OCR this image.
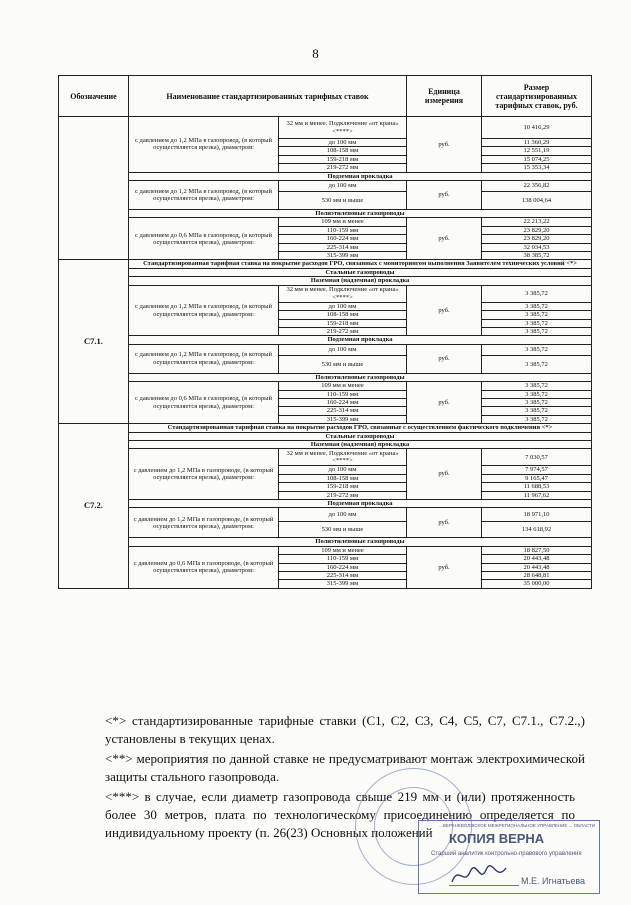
8
Обозначение	Наименование стандартизированных тарифных ставок		Единица измерения	Размер стандартизированных тарифных ставок, руб.
	с давлением до 1,2 МПа в газопровод, (в который осуществляется врезка), диаметром:	32 мм и менее. Подключение «от крана» <****>	руб.	10 416,29
		до 100 мм		11 360,29
		108-158 мм		12 551,19
		159-218 мм		15 074,25
		219-272 мм		15 353,34

	Подземная прокладка			
	с давлением до 1,2 МПа в газопровод, (в который осуществляется врезка), диаметром:	до 100 мм	руб.	22 356,82
		530 мм и выше		138 004,64
	Полиэтиленовые газопроводы			
	с давлением до 0,6 МПа в газопровод, (в который осуществляется врезка), диаметром:	109 мм и менее	руб.	22 213,22
		110-159 мм		23 829,20
		160-224 мм		23 829,20
		225-314 мм		32 034,53
		315-399 мм		38 385,72

С7.1.	Стандартизированная тарифная ставка на покрытие расходов ГРО, связанных с мониторингом выполнения Заявителем технических условий <*>			
	Стальные газопроводы			
	Наземная (надземная) прокладка			
	с давлением до 1,2 МПа в газопровод, (в который осуществляется врезка), диаметром:	32 мм и менее. Подключение «от крана» <****>	руб.	3 385,72
		до 100 мм		3 385,72
		108-158 мм		3 385,72
		159-218 мм		3 385,72
		219-272 мм		3 385,72
	Подземная прокладка			
	с давлением до 1,2 МПа в газопровод, (в который осуществляется врезка), диаметром:	до 100 мм	руб.	3 385,72
		530 мм и выше		3 385,72
	Полиэтиленовые газопроводы			
	с давлением до 0,6 МПа в газопровод, (в который осуществляется врезка), диаметром:	109 мм и менее	руб.	3 385,72
		110-159 мм		3 385,72
		160-224 мм		3 385,72
		225-314 мм		3 385,72
		315-399 мм		3 385,72

С7.2.	Стандартизированная тарифная ставка на покрытие расходов ГРО, связанные с осуществлением фактического подключения <*>			
	Стальные газопроводы			
	Наземная (надземная) прокладка			
	с давлением до 1,2 МПа в газопроводе, (в который осуществляется врезка), диаметром:	32 мм и менее. Подключение «от крана» <****>	руб.	7 030,57
		до 100 мм		7 974,57
		108-158 мм		9 165,47
		159-218 мм		11 688,53
		219-272 мм		11 967,62
	Подземная прокладка			
	с давлением до 1,2 МПа в газопроводе, (в который осуществляется врезка), диаметром:	до 100 мм	руб.	18 971,10
		530 мм и выше		134 618,92
	Полиэтиленовые газопроводы			
	с давлением до 0,6 МПа в газопроводе, (в который осуществляется врезка), диаметром:	109 мм и менее	руб.	18 827,50
		110-159 мм		20 443,48
		160-224 мм		20 443,48
		225-314 мм		28 648,81
		315-399 мм		35 000,00

<*> стандартизированные тарифные ставки (С1, С2, С3, С4, С5, С7, С7.1., С7.2.,) установлены в текущих ценах.
<**> мероприятия по данной ставке не предусматривают монтаж электрохимической защиты стального газопровода.
<***> в случае, если диаметр газопровода свыше 219 мм и (или) протяженность более 30 метров, плата по технологическому присоединению определяется по индивидуальному проекту (п. 26(23) Основных положений	...ВЕРХНЕВОЛЖСКОЕ МЕЖРЕГИОНАЛЬНОЕ УПРАВЛЕНИЕ ... ОБЛАСТИ
КОПИЯ ВЕРНА
Старший аналитик контрольно-правового управления
М.Е. Игнатьева
